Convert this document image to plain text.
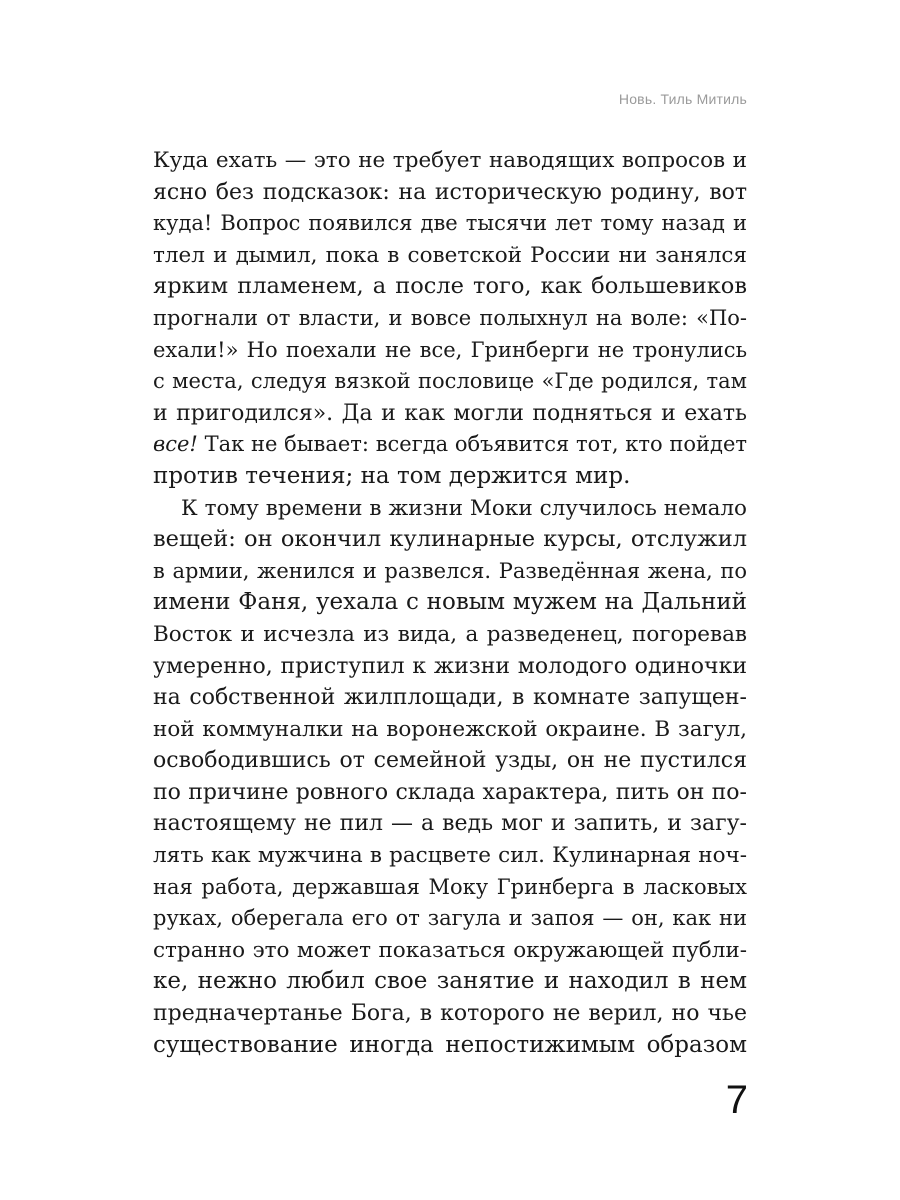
Новь. Тиль Митиль
Куда ехать — это не требует наводящих вопросов и
ясно без подсказок: на историческую родину, вот
куда! Вопрос появился две тысячи лет тому назад и
тлел и дымил, пока в советской России ни занялся
ярким пламенем, а после того, как большевиков
прогнали от власти, и вовсе полыхнул на воле: «По-
ехали!» Но поехали не все, Гринберги не тронулись
с места, следуя вязкой пословице «Где родился, там
и пригодился». Да и как могли подняться и ехать
все! Так не бывает: всегда объявится тот, кто пойдет
против течения; на том держится мир.
К тому времени в жизни Моки случилось немало
вещей: он окончил кулинарные курсы, отслужил
в армии, женился и развелся. Разведённая жена, по
имени Фаня, уехала с новым мужем на Дальний
Восток и исчезла из вида, а разведенец, погоревав
умеренно, приступил к жизни молодого одиночки
на собственной жилплощади, в комнате запущен-
ной коммуналки на воронежской окраине. В загул,
освободившись от семейной узды, он не пустился
по причине ровного склада характера, пить он по-
настоящему не пил — а ведь мог и запить, и загу-
лять как мужчина в расцвете сил. Кулинарная ноч-
ная работа, державшая Моку Гринберга в ласковых
руках, оберегала его от загула и запоя — он, как ни
странно это может показаться окружающей публи-
ке, нежно любил свое занятие и находил в нем
предначертанье Бога, в которого не верил, но чье
существование иногда непостижимым образом
7
